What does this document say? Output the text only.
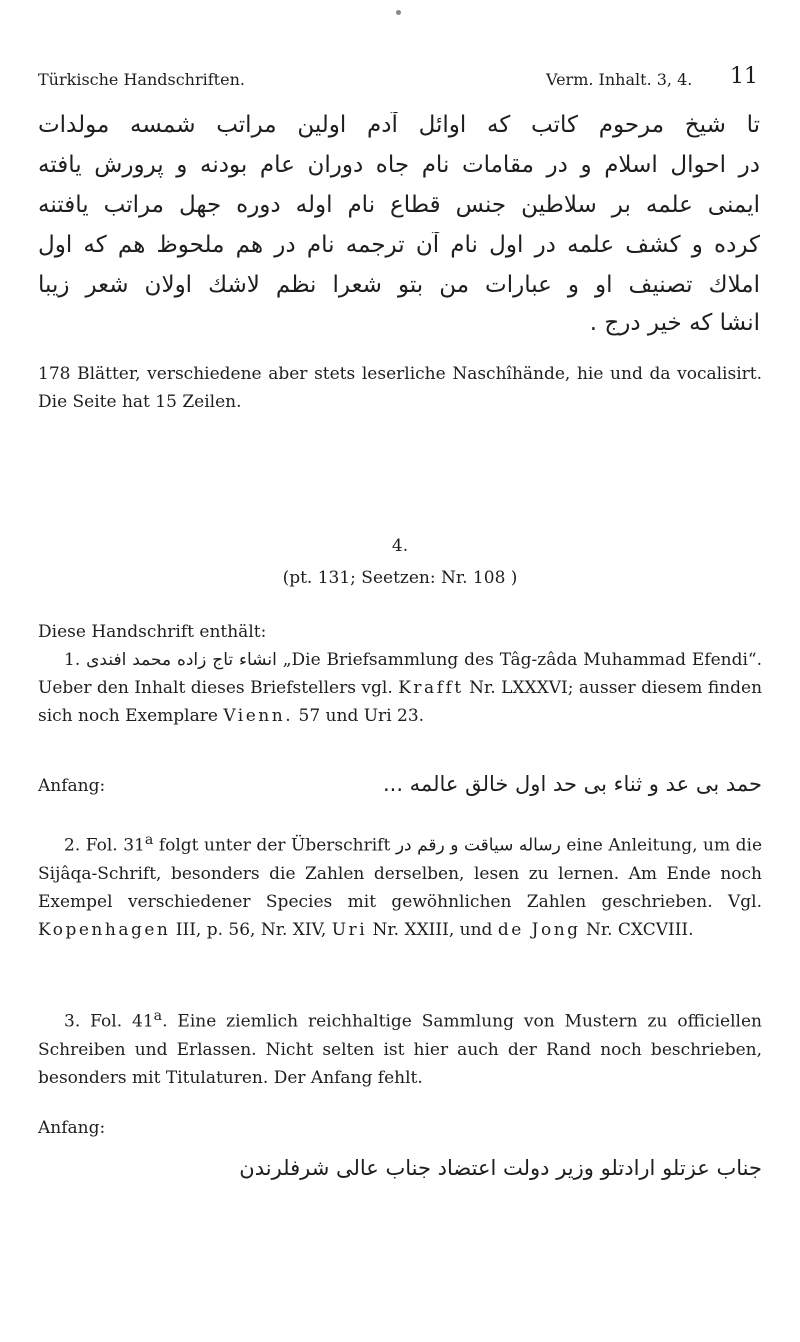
Türkische Handschriften.	Verm. Inhalt. 3, 4. 11
تا شيخ مرحوم كاتب كه اوائل آدم اولين مراتب شمسه مولدات
در احوال اسلام و در مقامات نام جاه دوران عام بودنه و پرورش يافته
ايمنى علمه بر سلاطين جنس قطاع نام اوله دوره جهل مراتب يافتنه
كرده و كشف علمه در اول نام آن ترجمه نام در هم ملحوظ هم كه اول
املاك تصنيف او و عبارات من بتو شعرا نظم لاشك اولان شعر زيبا
انشا كه خير درج .
178 Blätter, verschiedene aber stets leserliche Naschîhände, hie und da vocalisirt. Die Seite hat 15 Zeilen.
4.
(pt. 131; Seetzen: Nr. 108 )
Diese Handschrift enthält:
1. انشاء تاج زاده محمد افندى „Die Briefsammlung des Tâg-zâda Muhammad Efendi“. Ueber den Inhalt dieses Briefstellers vgl. Krafft Nr. LXXXVI; ausser diesem finden sich noch Exemplare Vienn. 57 und Uri 23.
Anfang:	حمد بى عد و ثناء بى حد اول خالق عالمه ...
2. Fol. 31$^a$ folgt unter der Überschrift رساله سياقت و رقم در eine Anleitung, um die Sijâqa-Schrift, besonders die Zahlen derselben, lesen zu lernen. Am Ende noch Exempel verschiedener Species mit gewöhnlichen Zahlen geschrieben. Vgl. Kopenhagen III, p. 56, Nr. XIV, Uri Nr. XXIII, und de Jong Nr. CXCVIII.
3. Fol. 41$^a$. Eine ziemlich reichhaltige Sammlung von Mustern zu officiellen Schreiben und Erlassen. Nicht selten ist hier auch der Rand noch beschrieben, besonders mit Titulaturen. Der Anfang fehlt.
Anfang:
جناب عزتلو ارادتلو وزير دولت اعتضاد جناب عالى شرفلرندن
